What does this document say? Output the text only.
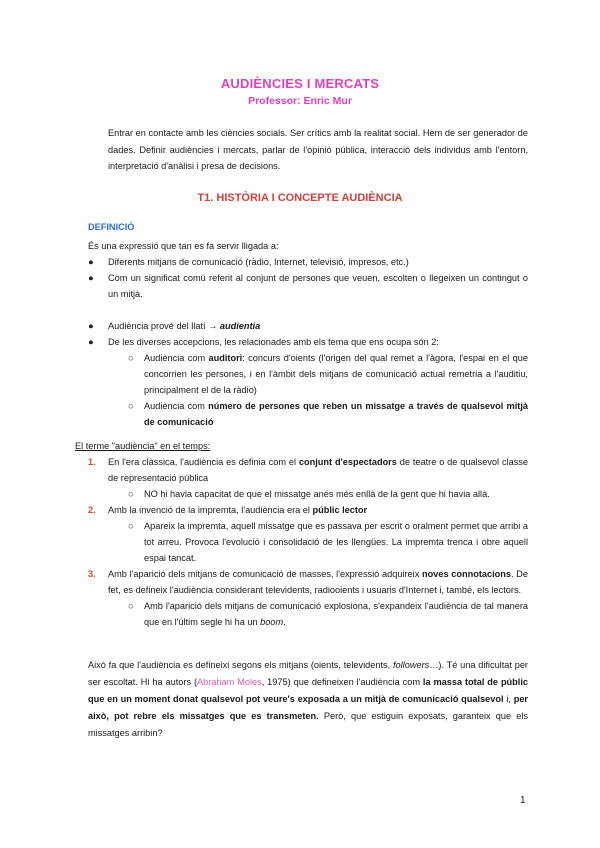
AUDIÈNCIES I MERCATS
Professor: Enric Mur
Entrar en contacte amb les ciències socials. Ser crítics amb la realitat social. Hem de ser generador de dades. Definir audiències i mercats, parlar de l'opinió pública, interacció dels individus amb l'entorn, interpretació d'anàlisi i presa de decisions.
T1. HISTÒRIA I CONCEPTE AUDIÈNCIA
DEFINICIÓ
És una expressió que tan es fa servir lligada a:
●	Diferents mitjans de comunicació (ràdio, Internet, televisió, impresos, etc.)
●	Com un significat comú referit al conjunt de persones que veuen, escolten o llegeixen un contingut o un mitjà.
●	Audiència prové del llatí → audientia
●	De les diverses accepcions, les relacionades amb els tema que ens ocupa són 2:
○	Audiència com auditori: concurs d'oients (l'origen del qual remet a l'àgora, l'espai en el que concorrien les persones, i en l'àmbit dels mitjans de comunicació actual remetria a l'auditiu, principalment el de la ràdio)
○	Audiència com número de persones que reben un missatge a través de qualsevol mitjà de comunicació
El terme "audiència" en el temps:
1.	En l'era clàssica, l'audiència es definia com el conjunt d'espectadors de teatre o de qualsevol classe de representació pública
○	NO hi havia capacitat de que el missatge anés més enllà de la gent que hi havia allà.
2.	Amb la invenció de la impremta, l'audiència era el públic lector
○	Apareix la impremta, aquell missatge que es passava per escrit o oralment permet que arribi a tot arreu. Provoca l'evolució i consolidació de les llengües. La impremta trenca i obre aquell espai tancat.
3.	Amb l'aparició dels mitjans de comunicació de masses, l'expressió adquireix noves connotacions. De fet, es defineix l'audiència considerant televidents, radiooients i usuaris d'Internet i, també, els lectors.
○	Amb l'aparició dels mitjans de comunicació explosiona, s'expandeix l'audiència de tal manera que en l'últim segle hi ha un boom.
Això fa que l'audiència es defineixi segons els mitjans (oients, televidents, followers…). Té una dificultat per ser escoltat. Hi ha autors (Abraham Moles, 1975) que defineixen l'audiència com la massa total de públic que en un moment donat qualsevol pot veure's exposada a un mitjà de comunicació qualsevol i, per això, pot rebre els missatges que es transmeten. Però, que estiguin exposats, garanteix que els missatges arribin?
1
